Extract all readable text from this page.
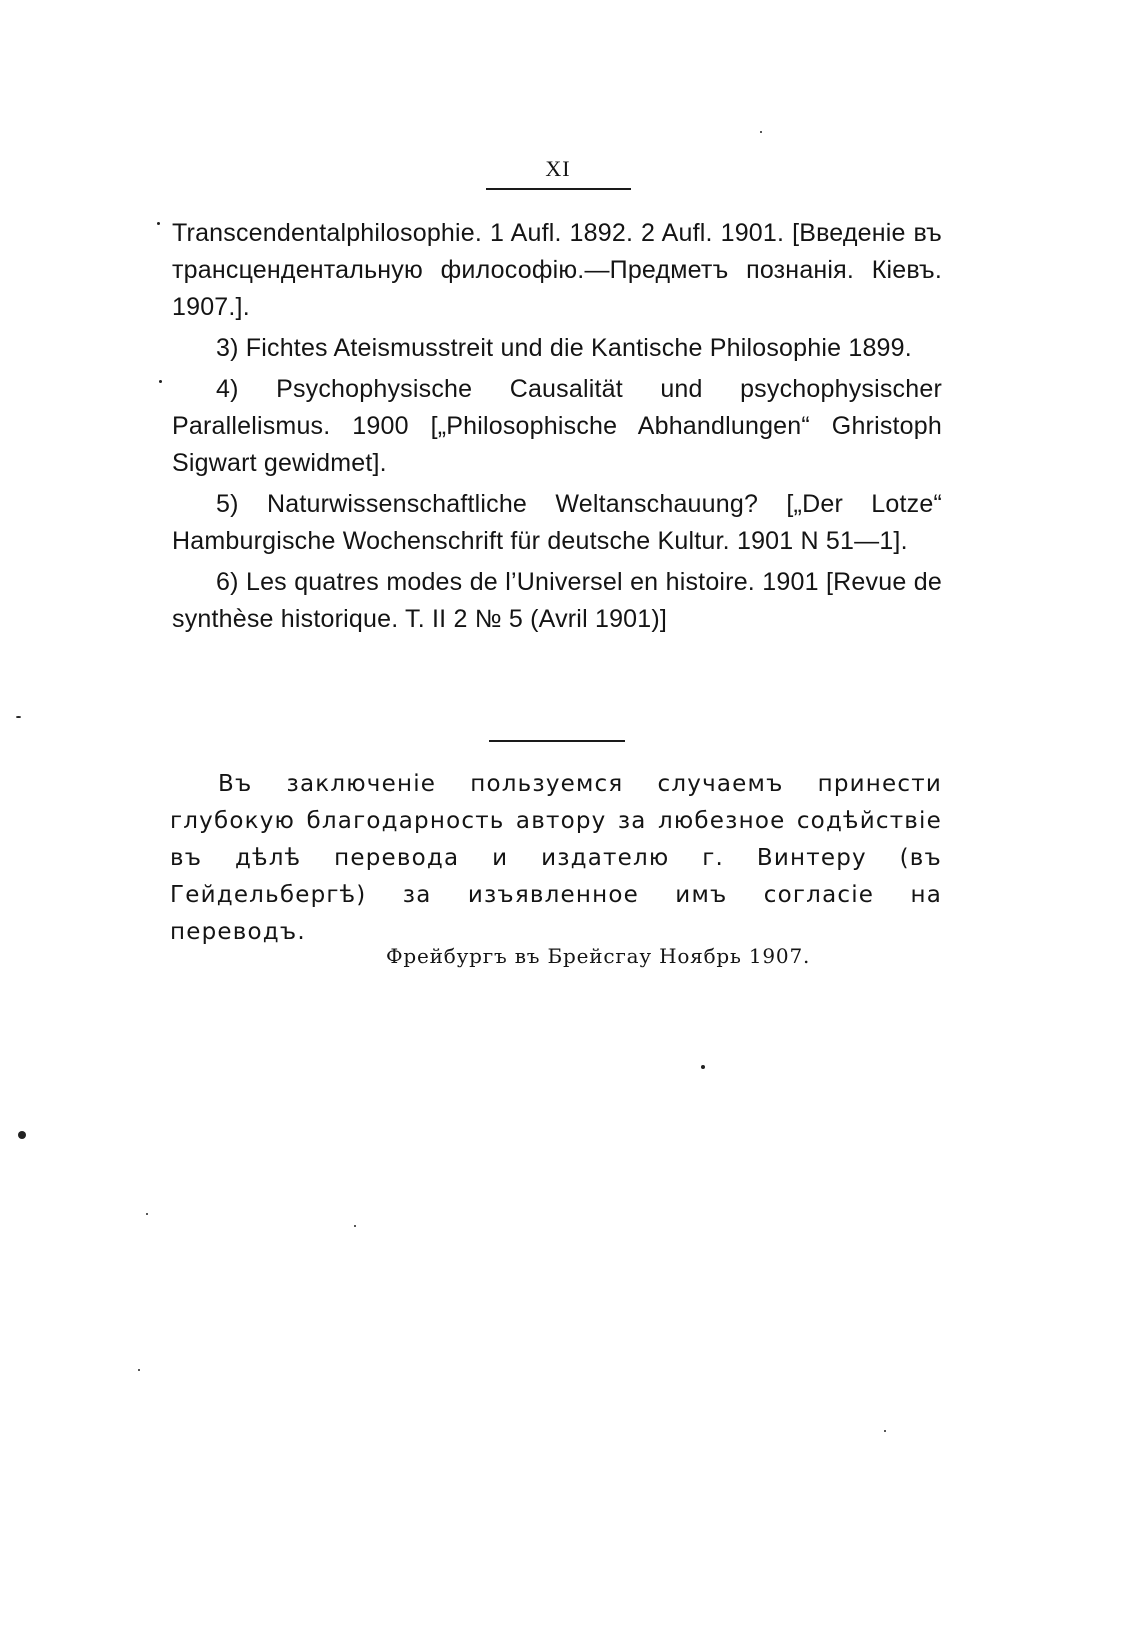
XI

Transcendentalphilosophie. 1 Aufl. 1892. 2 Aufl. 1901. [Введеніе въ трансцендентальную философію.—Предметъ познанія. Кіевъ. 1907.].

3) Fichtes Ateismusstreit und die Kantische Philosophie 1899.

4) Psychophysische Causalität und psychophysischer Parallelismus. 1900 [„Philosophische Abhandlungen“ Ghristoph Sigwart gewidmet].

5) Naturwissenschaftliche Weltanschauung? [„Der Lotze“ Hamburgische Wochenschrift für deutsche Kultur. 1901 N 51—1].

6) Les quatres modes de l’Universel en histoire. 1901 [Revue de synthèse historique. T. II 2 № 5 (Avril 1901)]

Въ заключеніе пользуемся случаемъ принести глубокую благодарность автору за любезное содѣйствіе въ дѣлѣ перевода и издателю г. Винтеру (въ Гейдельбергѣ) за изъявленное имъ согласіе на переводъ.

Фрейбургъ въ Брейсгау Ноябрь 1907.
